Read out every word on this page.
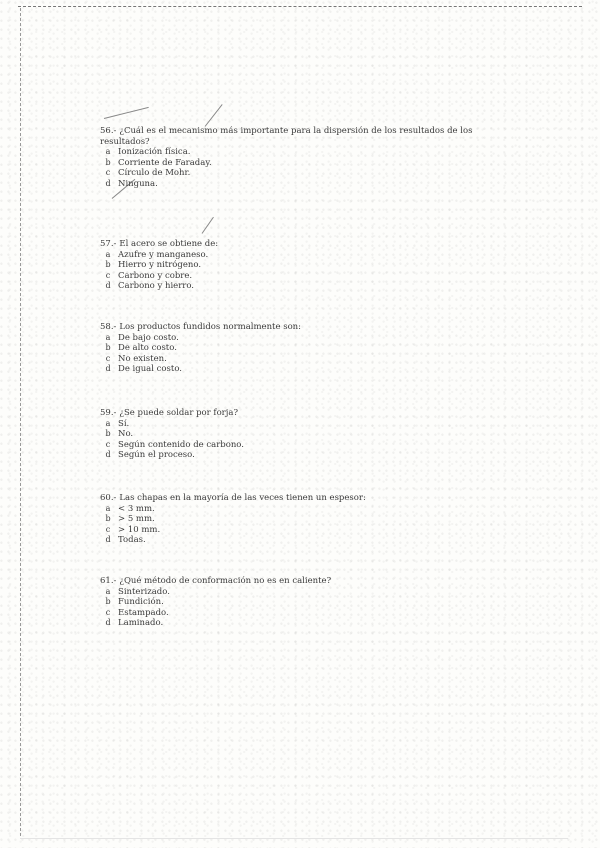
56.- ¿Cuál es el mecanismo más importante para la dispersión de los resultados de los resultados?

a Ionización física.
b Corriente de Faraday.
c Círculo de Mohr.
d Ninguna.

57.- El acero se obtiene de:

a Azufre y manganeso.
b Hierro y nitrógeno.
c Carbono y cobre.
d Carbono y hierro.

58.- Los productos fundidos normalmente son:

a De bajo costo.
b De alto costo.
c No existen.
d De igual costo.

59.- ¿Se puede soldar por forja?

a Sí.
b No.
c Según contenido de carbono.
d Según el proceso.

60.- Las chapas en la mayoría de las veces tienen un espesor:

a < 3 mm.
b > 5 mm.
c > 10 mm.
d Todas.

61.- ¿Qué método de conformación no es en caliente?

a Sinterizado.
b Fundición.
c Estampado.
d Laminado.
